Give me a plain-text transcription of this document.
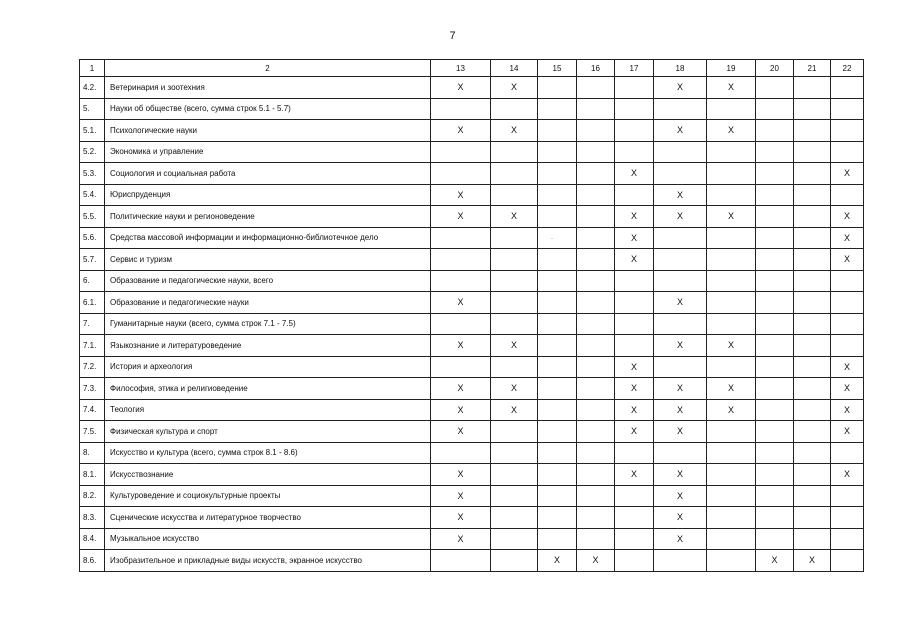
7
·
1	2	13	14	15	16	17	18	19	20	21	22
4.2.	Ветеринария и зоотехния	X	X				X	X			
5.	Науки об обществе (всего, сумма строк 5.1 - 5.7)										
5.1.	Психологические науки	X	X				X	X			
5.2.	Экономика и управление										
5.3.	Социология и социальная работа					X					X
5.4.	Юриспруденция	X					X				
5.5.	Политические науки и регионоведение	X	X			X	X	X			X
5.6.	Средства массовой информации и информационно-библиотечное дело					X					X
5.7.	Сервис и туризм					X					X
6.	Образование и педагогические науки, всего										
6.1.	Образование и педагогические науки	X					X				
7.	Гуманитарные науки (всего, сумма строк 7.1 - 7.5)										
7.1.	Языкознание и литературоведение	X	X				X	X			
7.2.	История и археология					X					X
7.3.	Философия, этика и религиоведение	X	X			X	X	X			X
7.4.	Теология	X	X			X	X	X			X
7.5.	Физическая культура и спорт	X				X	X				X
8.	Искусство и культура (всего, сумма строк 8.1 - 8.6)										
8.1.	Искусствознание	X				X	X				X
8.2.	Культуроведение и социокультурные проекты	X					X				
8.3.	Сценические искусства и литературное творчество	X					X				
8.4.	Музыкальное искусство	X					X				
8.6.	Изобразительное и прикладные виды искусств, экранное искусство			X	X				X	X	
